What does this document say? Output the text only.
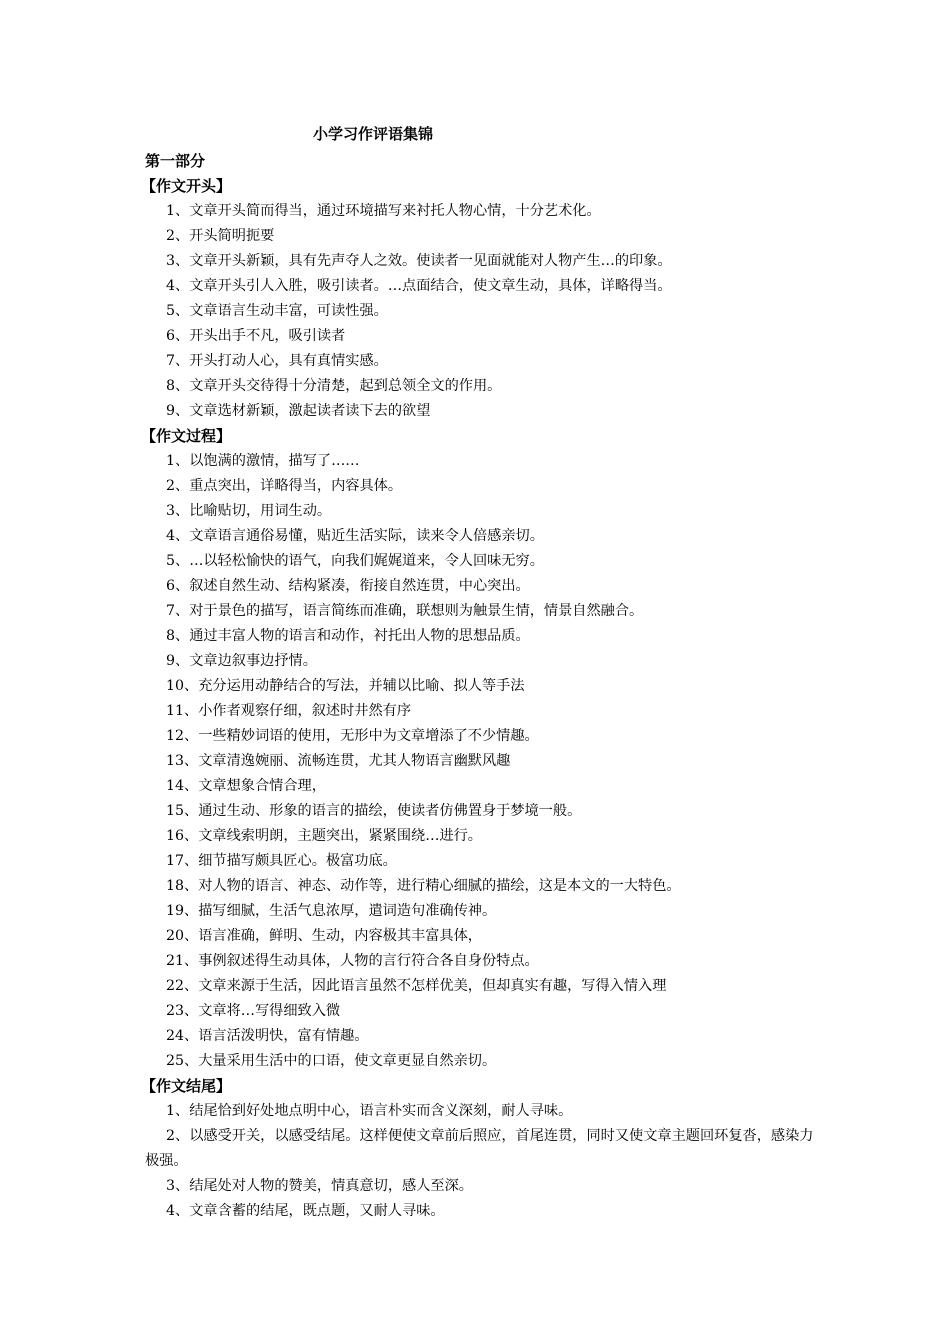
小学习作评语集锦
第一部分
【作文开头】
1、文章开头简而得当，通过环境描写来衬托人物心情，十分艺术化。
2、开头简明扼要
3、文章开头新颖，具有先声夺人之效。使读者一见面就能对人物产生…的印象。
4、文章开头引人入胜，吸引读者。…点面结合，使文章生动，具体，详略得当。
5、文章语言生动丰富，可读性强。
6、开头出手不凡，吸引读者
7、开头打动人心，具有真情实感。
8、文章开头交待得十分清楚，起到总领全文的作用。
9、文章选材新颖，激起读者读下去的欲望
【作文过程】
1、以饱满的激情，描写了……
2、重点突出，详略得当，内容具体。
3、比喻贴切，用词生动。
4、文章语言通俗易懂，贴近生活实际，读来令人倍感亲切。
5、…以轻松愉快的语气，向我们娓娓道来，令人回味无穷。
6、叙述自然生动、结构紧凑，衔接自然连贯，中心突出。
7、对于景色的描写，语言简练而准确，联想则为触景生情，情景自然融合。
8、通过丰富人物的语言和动作，衬托出人物的思想品质。
9、文章边叙事边抒情。
10、充分运用动静结合的写法，并辅以比喻、拟人等手法
11、小作者观察仔细，叙述时井然有序
12、一些精妙词语的使用，无形中为文章增添了不少情趣。
13、文章清逸婉丽、流畅连贯，尤其人物语言幽默风趣
14、文章想象合情合理，
15、通过生动、形象的语言的描绘，使读者仿佛置身于梦境一般。
16、文章线索明朗，主题突出，紧紧围绕…进行。
17、细节描写颇具匠心。极富功底。
18、对人物的语言、神态、动作等，进行精心细腻的描绘，这是本文的一大特色。
19、描写细腻，生活气息浓厚，遣词造句准确传神。
20、语言准确，鲜明、生动，内容极其丰富具体，
21、事例叙述得生动具体，人物的言行符合各自身份特点。
22、文章来源于生活，因此语言虽然不怎样优美，但却真实有趣，写得入情入理
23、文章将…写得细致入微
24、语言活泼明快，富有情趣。
25、大量采用生活中的口语，使文章更显自然亲切。
【作文结尾】
1、结尾恰到好处地点明中心，语言朴实而含义深刻，耐人寻味。
2、以感受开关，以感受结尾。这样便使文章前后照应，首尾连贯，同时又使文章主题回环复沓，感染力极强。
3、结尾处对人物的赞美，情真意切，感人至深。
4、文章含蓄的结尾，既点题，又耐人寻味。
